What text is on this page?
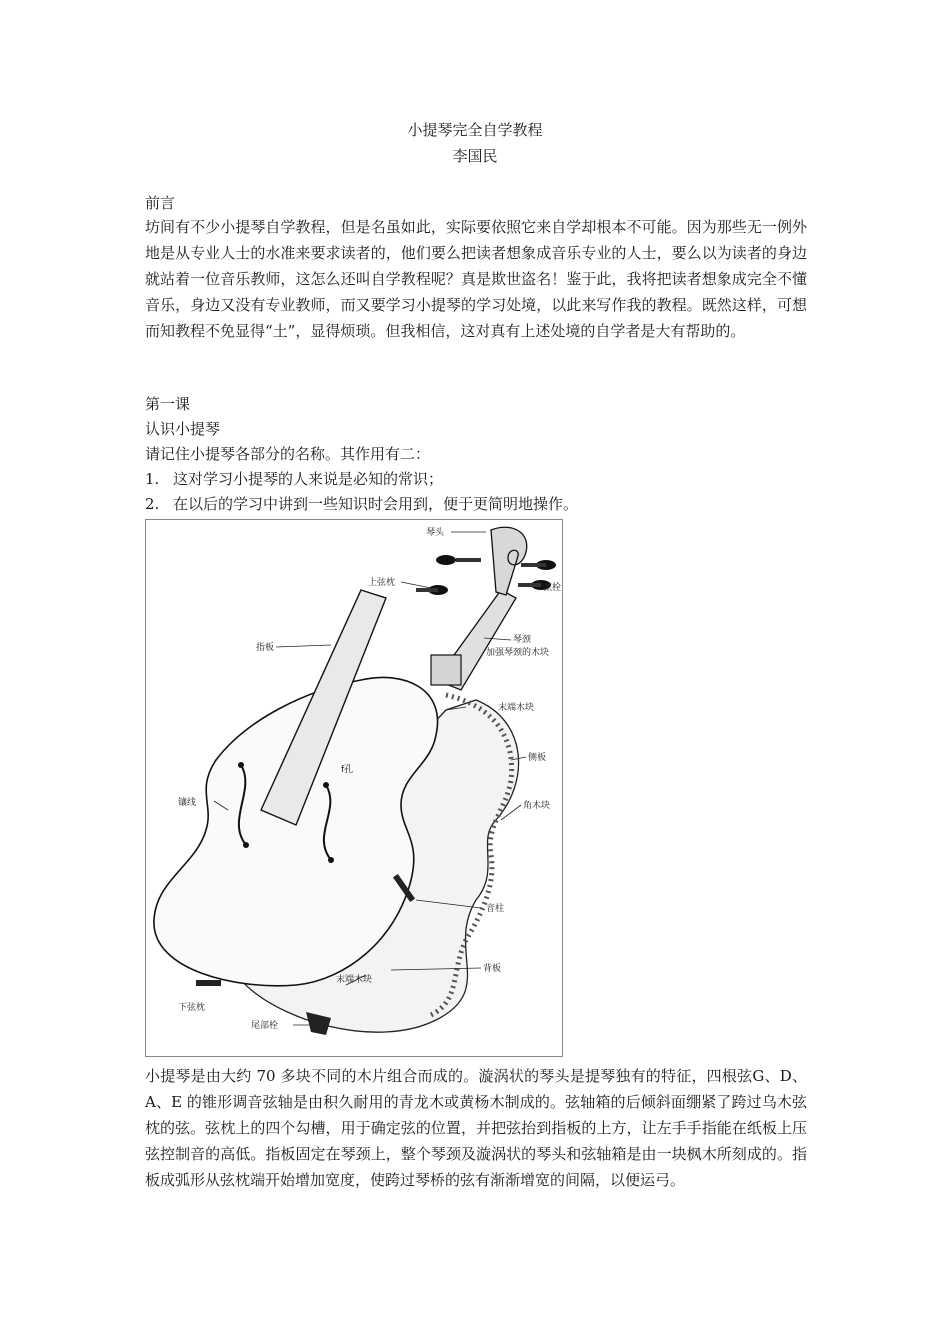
小提琴完全自学教程
李国民
前言

坊间有不少小提琴自学教程，但是名虽如此，实际要依照它来自学却根本不可能。因为那些无一例外地是从专业人士的水准来要求读者的，他们要么把读者想象成音乐专业的人士，要么以为读者的身边就站着一位音乐教师，这怎么还叫自学教程呢？真是欺世盗名！鉴于此，我将把读者想象成完全不懂音乐，身边又没有专业教师，而又要学习小提琴的学习处境，以此来写作我的教程。既然这样，可想而知教程不免显得“土”，显得烦琐。但我相信，这对真有上述处境的自学者是大有帮助的。

第一课
认识小提琴
请记住小提琴各部分的名称。其作用有二：
1. 这对学习小提琴的人来说是必知的常识；
2. 在以后的学习中讲到一些知识时会用到，便于更简明地操作。
琴头
上弦枕	弦栓
指板
琴颈
加强琴颈的木块
末端木块
侧板
角木块
f孔
镶线
音柱
背板
末端木块
下弦枕
尾部栓

小提琴是由大约 70 多块不同的木片组合而成的。漩涡状的琴头是提琴独有的特征，四根弦G、D、A、E 的锥形调音弦轴是由积久耐用的青龙木或黄杨木制成的。弦轴箱的后倾斜面绷紧了跨过乌木弦枕的弦。弦枕上的四个勾槽，用于确定弦的位置，并把弦抬到指板的上方，让左手手指能在纸板上压弦控制音的高低。指板固定在琴颈上，整个琴颈及漩涡状的琴头和弦轴箱是由一块枫木所刻成的。指板成弧形从弦枕端开始增加宽度，使跨过琴桥的弦有渐渐增宽的间隔，以便运弓。
